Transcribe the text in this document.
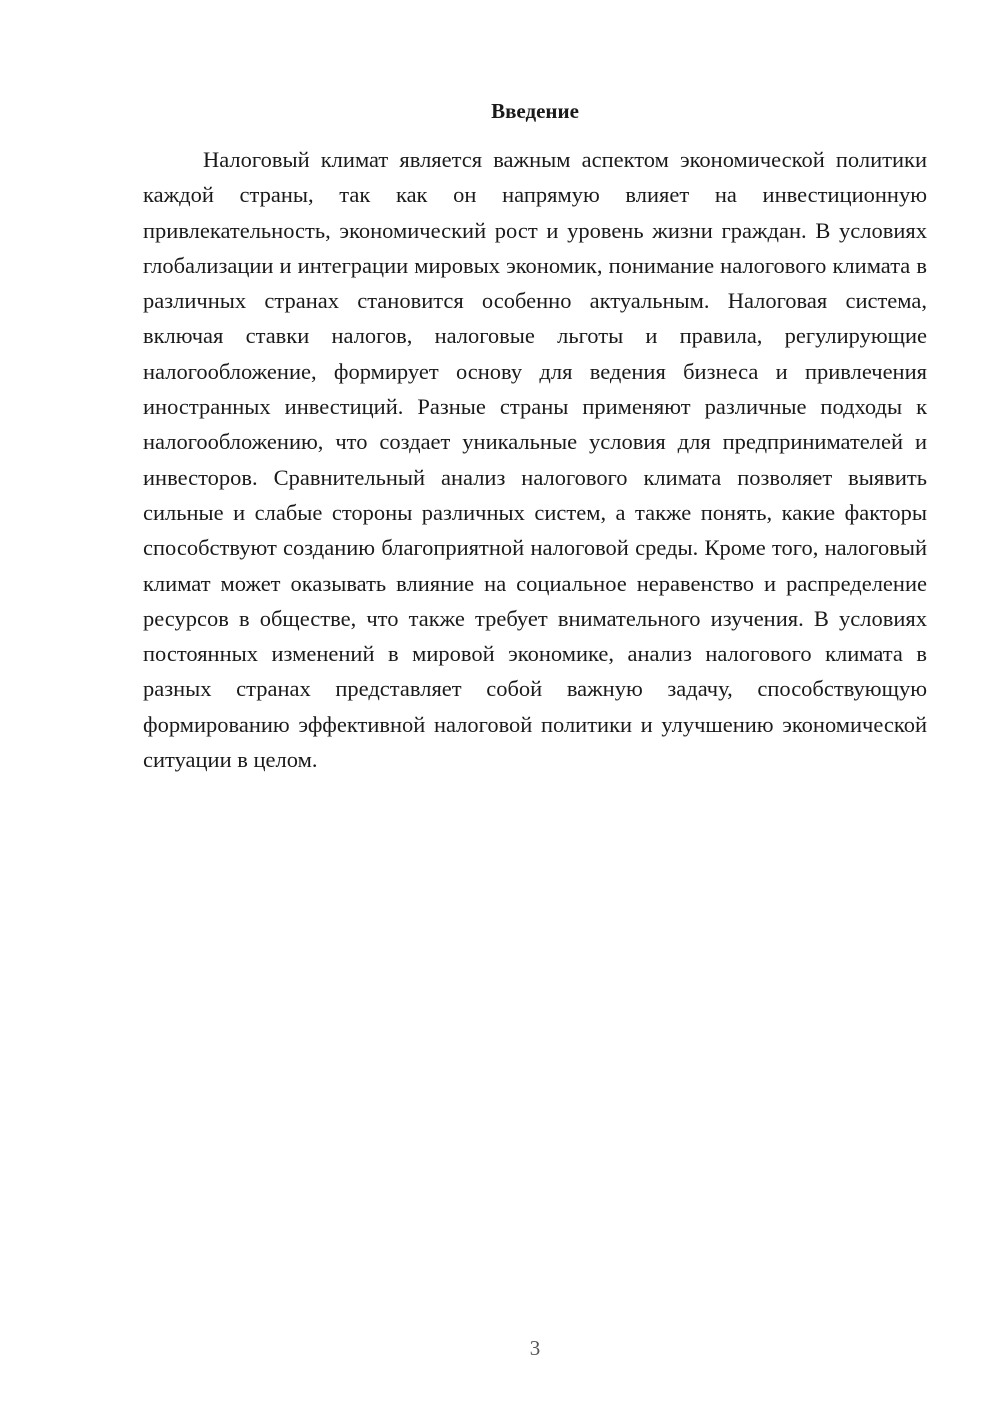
Введение

Налоговый климат является важным аспектом экономической политики каждой страны, так как он напрямую влияет на инвестиционную привлекательность, экономический рост и уровень жизни граждан. В условиях глобализации и интеграции мировых экономик, понимание налогового климата в различных странах становится особенно актуальным. Налоговая система, включая ставки налогов, налоговые льготы и правила, регулирующие налогообложение, формирует основу для ведения бизнеса и привлечения иностранных инвестиций. Разные страны применяют различные подходы к налогообложению, что создает уникальные условия для предпринимателей и инвесторов. Сравнительный анализ налогового климата позволяет выявить сильные и слабые стороны различных систем, а также понять, какие факторы способствуют созданию благоприятной налоговой среды. Кроме того, налоговый климат может оказывать влияние на социальное неравенство и распределение ресурсов в обществе, что также требует внимательного изучения. В условиях постоянных изменений в мировой экономике, анализ налогового климата в разных странах представляет собой важную задачу, способствующую формированию эффективной налоговой политики и улучшению экономической ситуации в целом.

3
